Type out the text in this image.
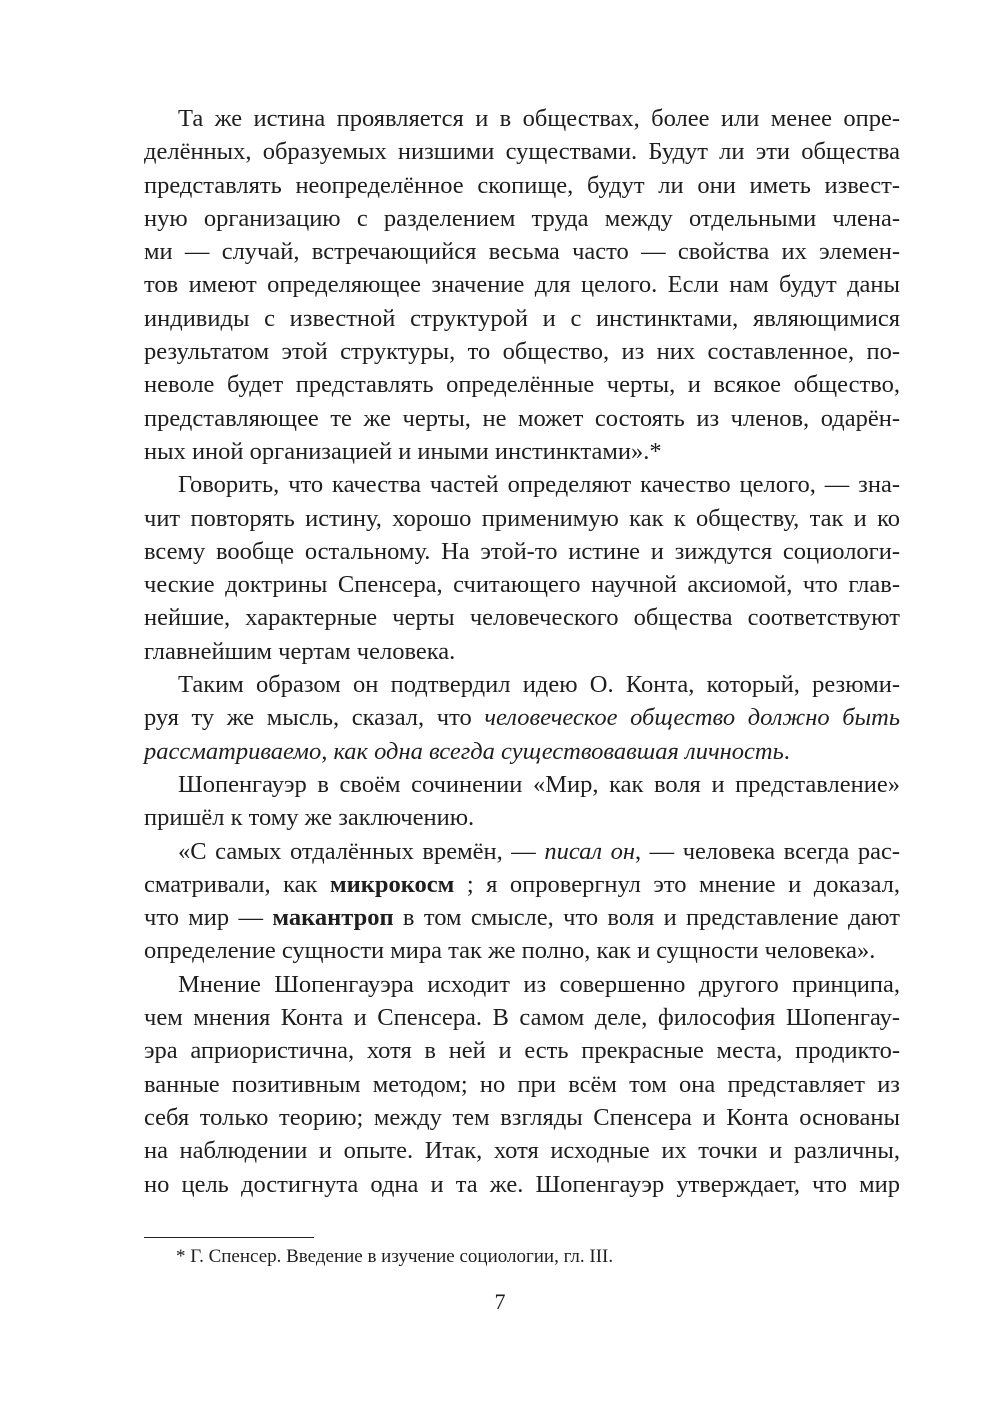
Та же истина проявляется и в обществах, более или менее опре-
делённых, образуемых низшими существами. Будут ли эти общества
представлять неопределённое скопище, будут ли они иметь извест-
ную организацию с разделением труда между отдельными члена-
ми — случай, встречающийся весьма часто — свойства их элемен-
тов имеют определяющее значение для целого. Если нам будут даны
индивиды с известной структурой и с инстинктами, являющимися
результатом этой структуры, то общество, из них составленное, по-
неволе будет представлять определённые черты, и всякое общество,
представляющее те же черты, не может состоять из членов, одарён-
ных иной организацией и иными инстинктами».*
Говорить, что качества частей определяют качество целого, — зна-
чит повторять истину, хорошо применимую как к обществу, так и ко
всему вообще остальному. На этой-то истине и зиждутся социологи-
ческие доктрины Спенсера, считающего научной аксиомой, что глав-
нейшие, характерные черты человеческого общества соответствуют
главнейшим чертам человека.
Таким образом он подтвердил идею О. Конта, который, резюми-
руя ту же мысль, сказал, что человеческое общество должно быть
рассматриваемо, как одна всегда существовавшая личность.
Шопенгауэр в своём сочинении «Мир, как воля и представление»
пришёл к тому же заключению.
«С самых отдалённых времён, — писал он, — человека всегда рас-
сматривали, как микрокосм ; я опровергнул это мнение и доказал,
что мир — макантроп в том смысле, что воля и представление дают
определение сущности мира так же полно, как и сущности человека».
Мнение Шопенгауэра исходит из совершенно другого принципа,
чем мнения Конта и Спенсера. В самом деле, философия Шопенгау-
эра априористична, хотя в ней и есть прекрасные места, продикто-
ванные позитивным методом; но при всём том она представляет из
себя только теорию; между тем взгляды Спенсера и Конта основаны
на наблюдении и опыте. Итак, хотя исходные их точки и различны,
но цель достигнута одна и та же. Шопенгауэр утверждает, что мир
* Г. Спенсер. Введение в изучение социологии, гл. III.
7
